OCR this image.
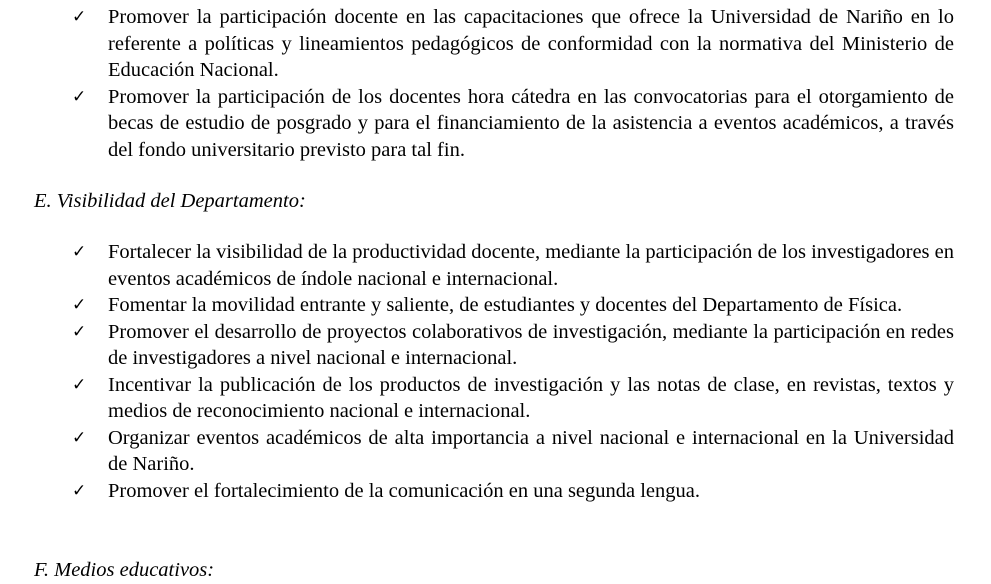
✓ Promover la participación docente en las capacitaciones que ofrece la Universidad de Nariño en lo referente a políticas y lineamientos pedagógicos de conformidad con la normativa del Ministerio de Educación Nacional.
✓ Promover la participación de los docentes hora cátedra en las convocatorias para el otorgamiento de becas de estudio de posgrado y para el financiamiento de la asistencia a eventos académicos, a través del fondo universitario previsto para tal fin.
E. Visibilidad del Departamento:
✓ Fortalecer la visibilidad de la productividad docente, mediante la participación de los investigadores en eventos académicos de índole nacional e internacional.
✓ Fomentar la movilidad entrante y saliente, de estudiantes y docentes del Departamento de Física.
✓ Promover el desarrollo de proyectos colaborativos de investigación, mediante la participación en redes de investigadores a nivel nacional e internacional.
✓ Incentivar la publicación de los productos de investigación y las notas de clase, en revistas, textos y medios de reconocimiento nacional e internacional.
✓ Organizar eventos académicos de alta importancia a nivel nacional e internacional en la Universidad de Nariño.
✓ Promover el fortalecimiento de la comunicación en una segunda lengua.
F. Medios educativos:
